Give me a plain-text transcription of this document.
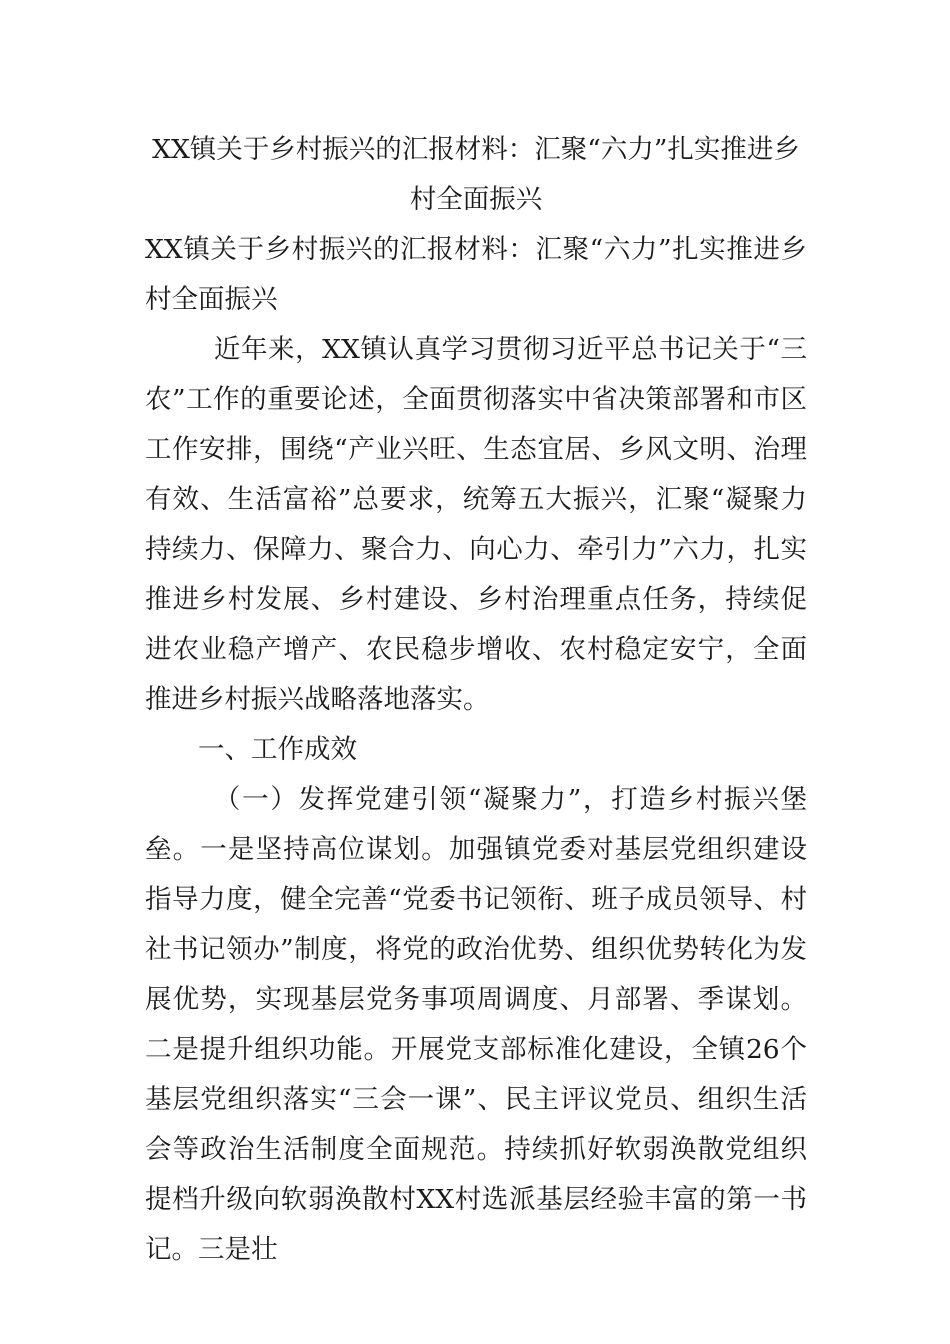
XX镇关于乡村振兴的汇报材料：汇聚“六力”扎实推进乡村全面振兴

XX镇关于乡村振兴的汇报材料：汇聚“六力”扎实推进乡村全面振兴

近年来，XX镇认真学习贯彻习近平总书记关于“三农”工作的重要论述，全面贯彻落实中省决策部署和市区工作安排，围绕“产业兴旺、生态宜居、乡风文明、治理有效、生活富裕”总要求，统筹五大振兴，汇聚“凝聚力持续力、保障力、聚合力、向心力、牵引力”六力，扎实推进乡村发展、乡村建设、乡村治理重点任务，持续促进农业稳产增产、农民稳步增收、农村稳定安宁，全面推进乡村振兴战略落地落实。

一、工作成效

（一）发挥党建引领“凝聚力”，打造乡村振兴堡垒。一是坚持高位谋划。加强镇党委对基层党组织建设指导力度，健全完善“党委书记领衔、班子成员领导、村社书记领办”制度，将党的政治优势、组织优势转化为发展优势，实现基层党务事项周调度、月部署、季谋划。二是提升组织功能。开展党支部标准化建设，全镇26个基层党组织落实“三会一课”、民主评议党员、组织生活会等政治生活制度全面规范。持续抓好软弱涣散党组织提档升级向软弱涣散村XX村选派基层经验丰富的第一书记。三是壮
